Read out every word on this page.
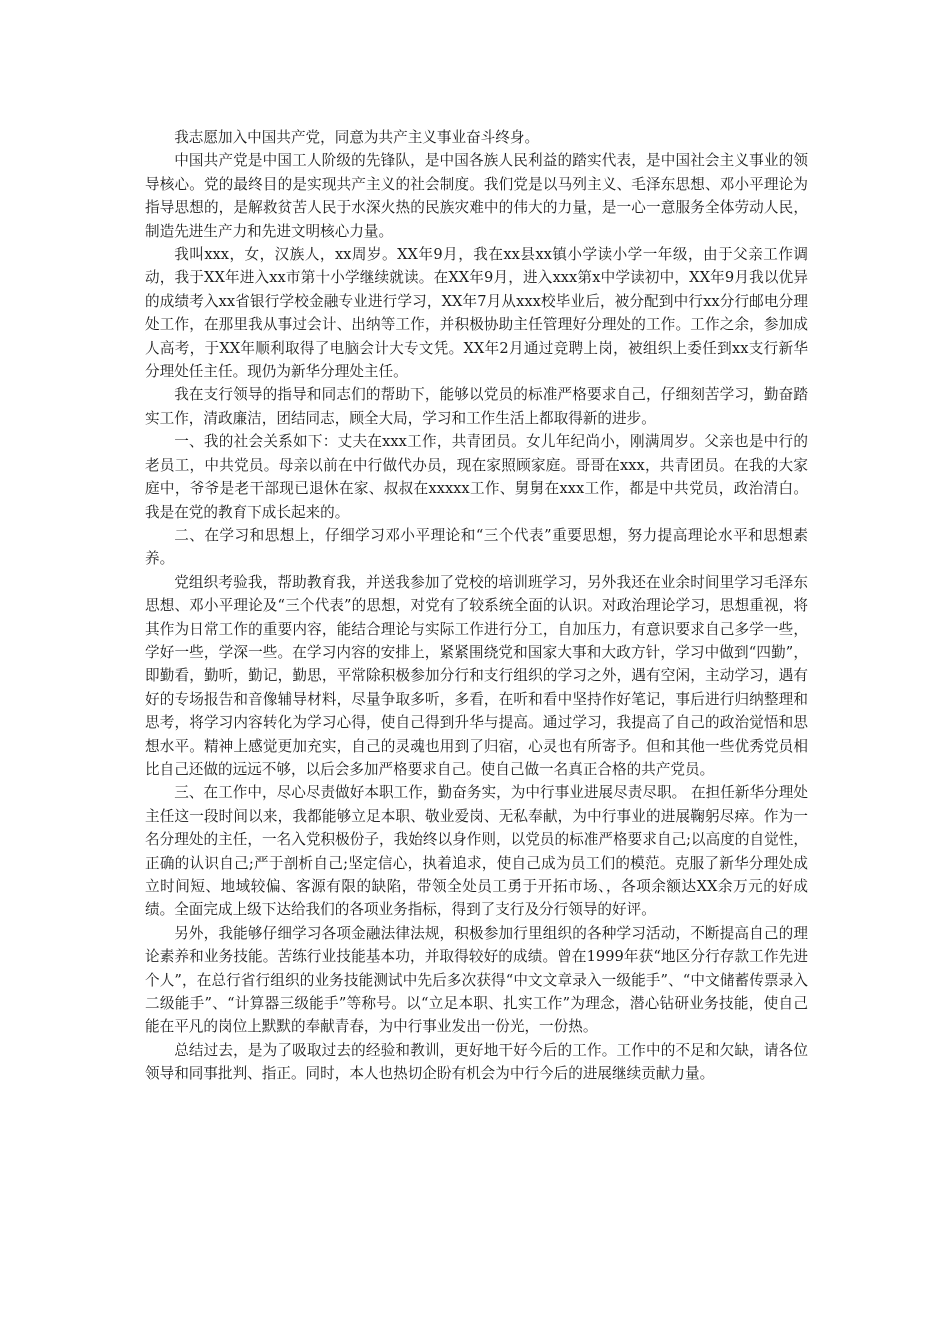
我志愿加入中国共产党，同意为共产主义事业奋斗终身。

中国共产党是中国工人阶级的先锋队，是中国各族人民利益的踏实代表，是中国社会主义事业的领导核心。党的最终目的是实现共产主义的社会制度。我们党是以马列主义、毛泽东思想、邓小平理论为指导思想的，是解救贫苦人民于水深火热的民族灾难中的伟大的力量，是一心一意服务全体劳动人民，制造先进生产力和先进文明核心力量。

我叫xxx，女，汉族人，xx周岁。XX年9月，我在xx县xx镇小学读小学一年级，由于父亲工作调动，我于XX年进入xx市第十小学继续就读。在XX年9月，进入xxx第x中学读初中，XX年9月我以优异的成绩考入xx省银行学校金融专业进行学习，XX年7月从xxx校毕业后，被分配到中行xx分行邮电分理处工作，在那里我从事过会计、出纳等工作，并积极协助主任管理好分理处的工作。工作之余，参加成人高考，于XX年顺利取得了电脑会计大专文凭。XX年2月通过竞聘上岗，被组织上委任到xx支行新华分理处任主任。现仍为新华分理处主任。

我在支行领导的指导和同志们的帮助下，能够以党员的标准严格要求自己，仔细刻苦学习，勤奋踏实工作，清政廉洁，团结同志，顾全大局，学习和工作生活上都取得新的进步。

一、我的社会关系如下：丈夫在xxx工作，共青团员。女儿年纪尚小，刚满周岁。父亲也是中行的老员工，中共党员。母亲以前在中行做代办员，现在家照顾家庭。哥哥在xxx，共青团员。在我的大家庭中，爷爷是老干部现已退休在家、叔叔在xxxxx工作、舅舅在xxx工作，都是中共党员，政治清白。我是在党的教育下成长起来的。

二、在学习和思想上，仔细学习邓小平理论和“三个代表”重要思想，努力提高理论水平和思想素养。

党组织考验我，帮助教育我，并送我参加了党校的培训班学习，另外我还在业余时间里学习毛泽东思想、邓小平理论及“三个代表”的思想，对党有了较系统全面的认识。对政治理论学习，思想重视，将其作为日常工作的重要内容，能结合理论与实际工作进行分工，自加压力，有意识要求自己多学一些，学好一些，学深一些。在学习内容的安排上，紧紧围绕党和国家大事和大政方针，学习中做到“四勤”，即勤看，勤听，勤记，勤思，平常除积极参加分行和支行组织的学习之外，遇有空闲，主动学习，遇有好的专场报告和音像辅导材料，尽量争取多听，多看，在听和看中坚持作好笔记，事后进行归纳整理和思考，将学习内容转化为学习心得，使自己得到升华与提高。通过学习，我提高了自己的政治觉悟和思想水平。精神上感觉更加充实，自己的灵魂也用到了归宿，心灵也有所寄予。但和其他一些优秀党员相比自己还做的远远不够，以后会多加严格要求自己。使自己做一名真正合格的共产党员。

三、在工作中，尽心尽责做好本职工作，勤奋务实，为中行事业进展尽责尽职。 在担任新华分理处主任这一段时间以来，我都能够立足本职、敬业爱岗、无私奉献，为中行事业的进展鞠躬尽瘁。作为一名分理处的主任，一名入党积极份子，我始终以身作则，以党员的标准严格要求自己;以高度的自觉性，正确的认识自己;严于剖析自己;坚定信心，执着追求，使自己成为员工们的模范。克服了新华分理处成立时间短、地域较偏、客源有限的缺陷，带领全处员工勇于开拓市场、，各项余额达XX余万元的好成绩。全面完成上级下达给我们的各项业务指标，得到了支行及分行领导的好评。

另外，我能够仔细学习各项金融法律法规，积极参加行里组织的各种学习活动，不断提高自己的理论素养和业务技能。苦练行业技能基本功，并取得较好的成绩。曾在1999年获“地区分行存款工作先进个人”，在总行省行组织的业务技能测试中先后多次获得“中文文章录入一级能手”、“中文储蓄传票录入二级能手”、“计算器三级能手”等称号。以“立足本职、扎实工作”为理念，潜心钻研业务技能，使自己能在平凡的岗位上默默的奉献青春，为中行事业发出一份光，一份热。

总结过去，是为了吸取过去的经验和教训，更好地干好今后的工作。工作中的不足和欠缺，请各位领导和同事批判、指正。同时，本人也热切企盼有机会为中行今后的进展继续贡献力量。
